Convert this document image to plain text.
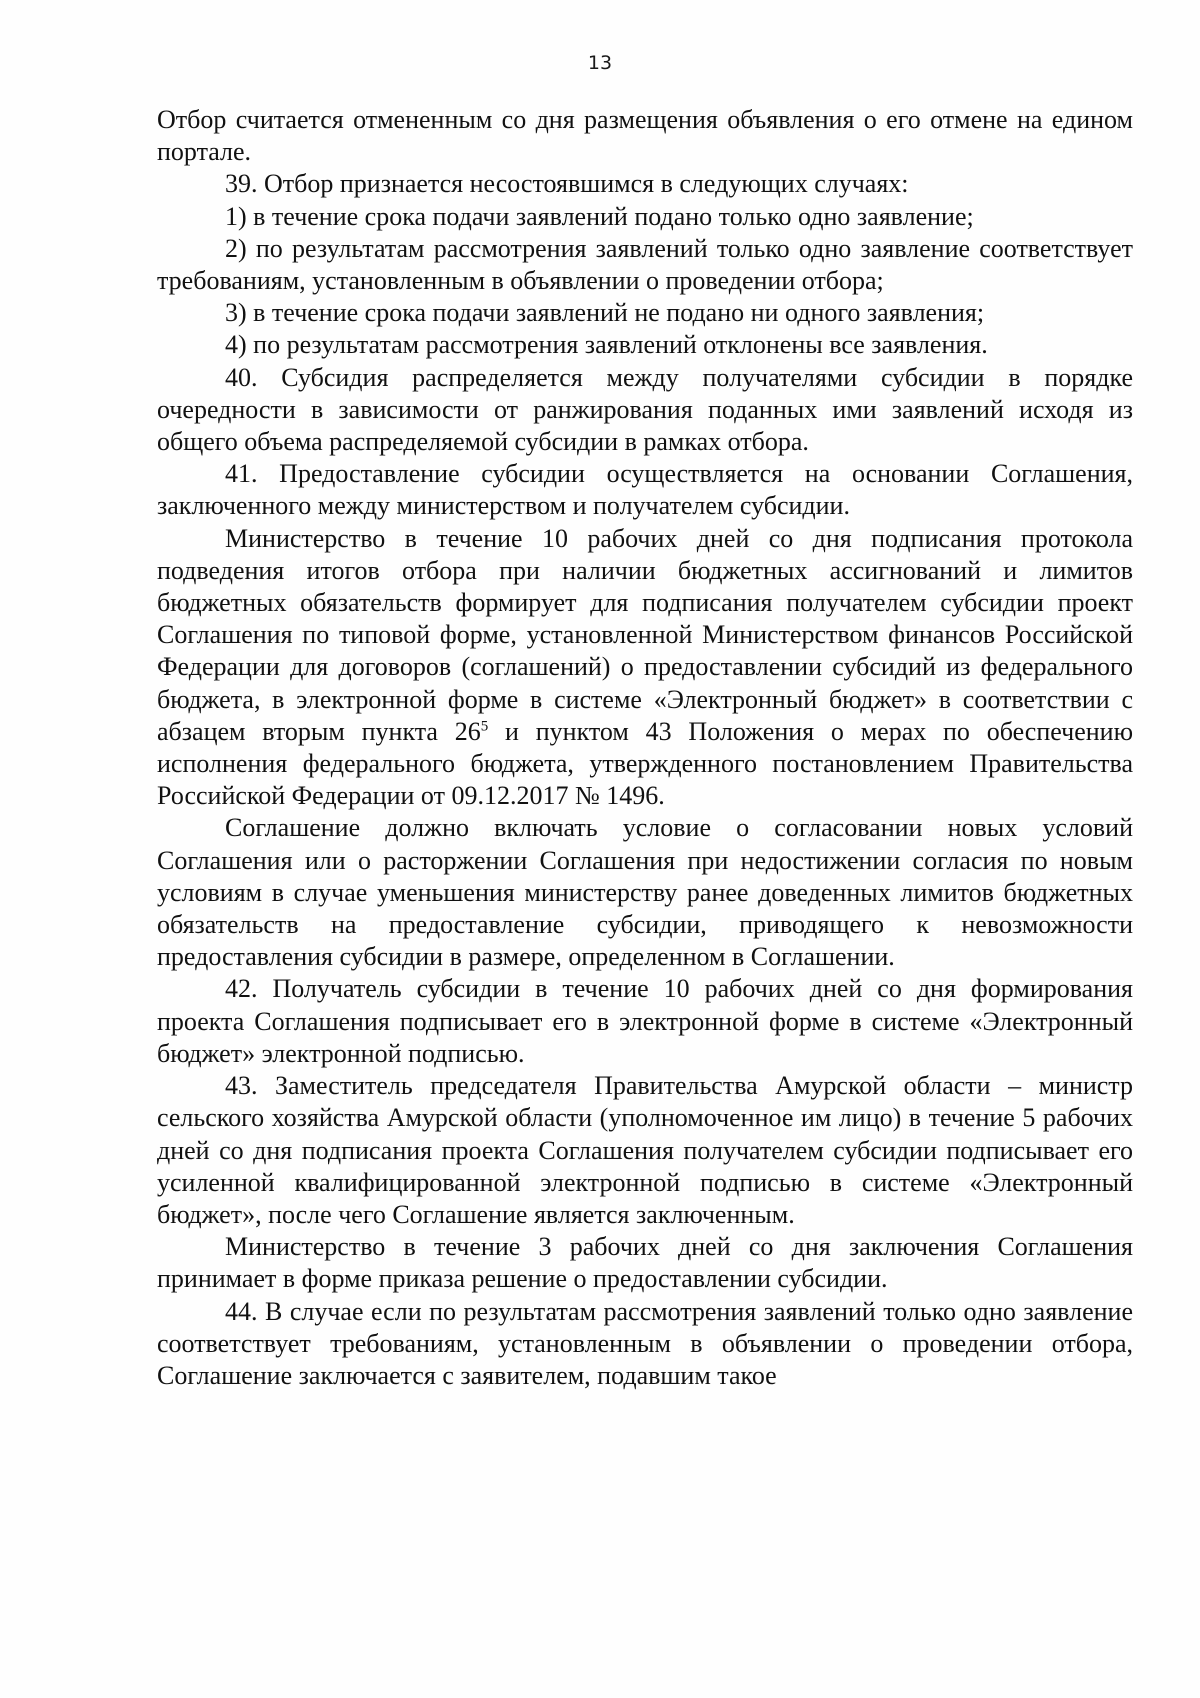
13

Отбор считается отмененным со дня размещения объявления о его отмене на едином портале.

39. Отбор признается несостоявшимся в следующих случаях:

1) в течение срока подачи заявлений подано только одно заявление;

2) по результатам рассмотрения заявлений только одно заявление соответствует требованиям, установленным в объявлении о проведении отбора;

3) в течение срока подачи заявлений не подано ни одного заявления;

4) по результатам рассмотрения заявлений отклонены все заявления.

40. Субсидия распределяется между получателями субсидии в порядке очередности в зависимости от ранжирования поданных ими заявлений исходя из общего объема распределяемой субсидии в рамках отбора.

41. Предоставление субсидии осуществляется на основании Соглашения, заключенного между министерством и получателем субсидии.

Министерство в течение 10 рабочих дней со дня подписания протокола подведения итогов отбора при наличии бюджетных ассигнований и лимитов бюджетных обязательств формирует для подписания получателем субсидии проект Соглашения по типовой форме, установленной Министерством финансов Российской Федерации для договоров (соглашений) о предоставлении субсидий из федерального бюджета, в электронной форме в системе «Электронный бюджет» в соответствии с абзацем вторым пункта $26^5$ и пунктом 43 Положения о мерах по обеспечению исполнения федерального бюджета, утвержденного постановлением Правительства Российской Федерации от 09.12.2017 № 1496.

Соглашение должно включать условие о согласовании новых условий Соглашения или о расторжении Соглашения при недостижении согласия по новым условиям в случае уменьшения министерству ранее доведенных лимитов бюджетных обязательств на предоставление субсидии, приводящего к невозможности предоставления субсидии в размере, определенном в Соглашении.

42. Получатель субсидии в течение 10 рабочих дней со дня формирования проекта Соглашения подписывает его в электронной форме в системе «Электронный бюджет» электронной подписью.

43. Заместитель председателя Правительства Амурской области – министр сельского хозяйства Амурской области (уполномоченное им лицо) в течение 5 рабочих дней со дня подписания проекта Соглашения получателем субсидии подписывает его усиленной квалифицированной электронной подписью в системе «Электронный бюджет», после чего Соглашение является заключенным.

Министерство в течение 3 рабочих дней со дня заключения Соглашения принимает в форме приказа решение о предоставлении субсидии.

44. В случае если по результатам рассмотрения заявлений только одно заявление соответствует требованиям, установленным в объявлении о проведении отбора, Соглашение заключается с заявителем, подавшим такое
